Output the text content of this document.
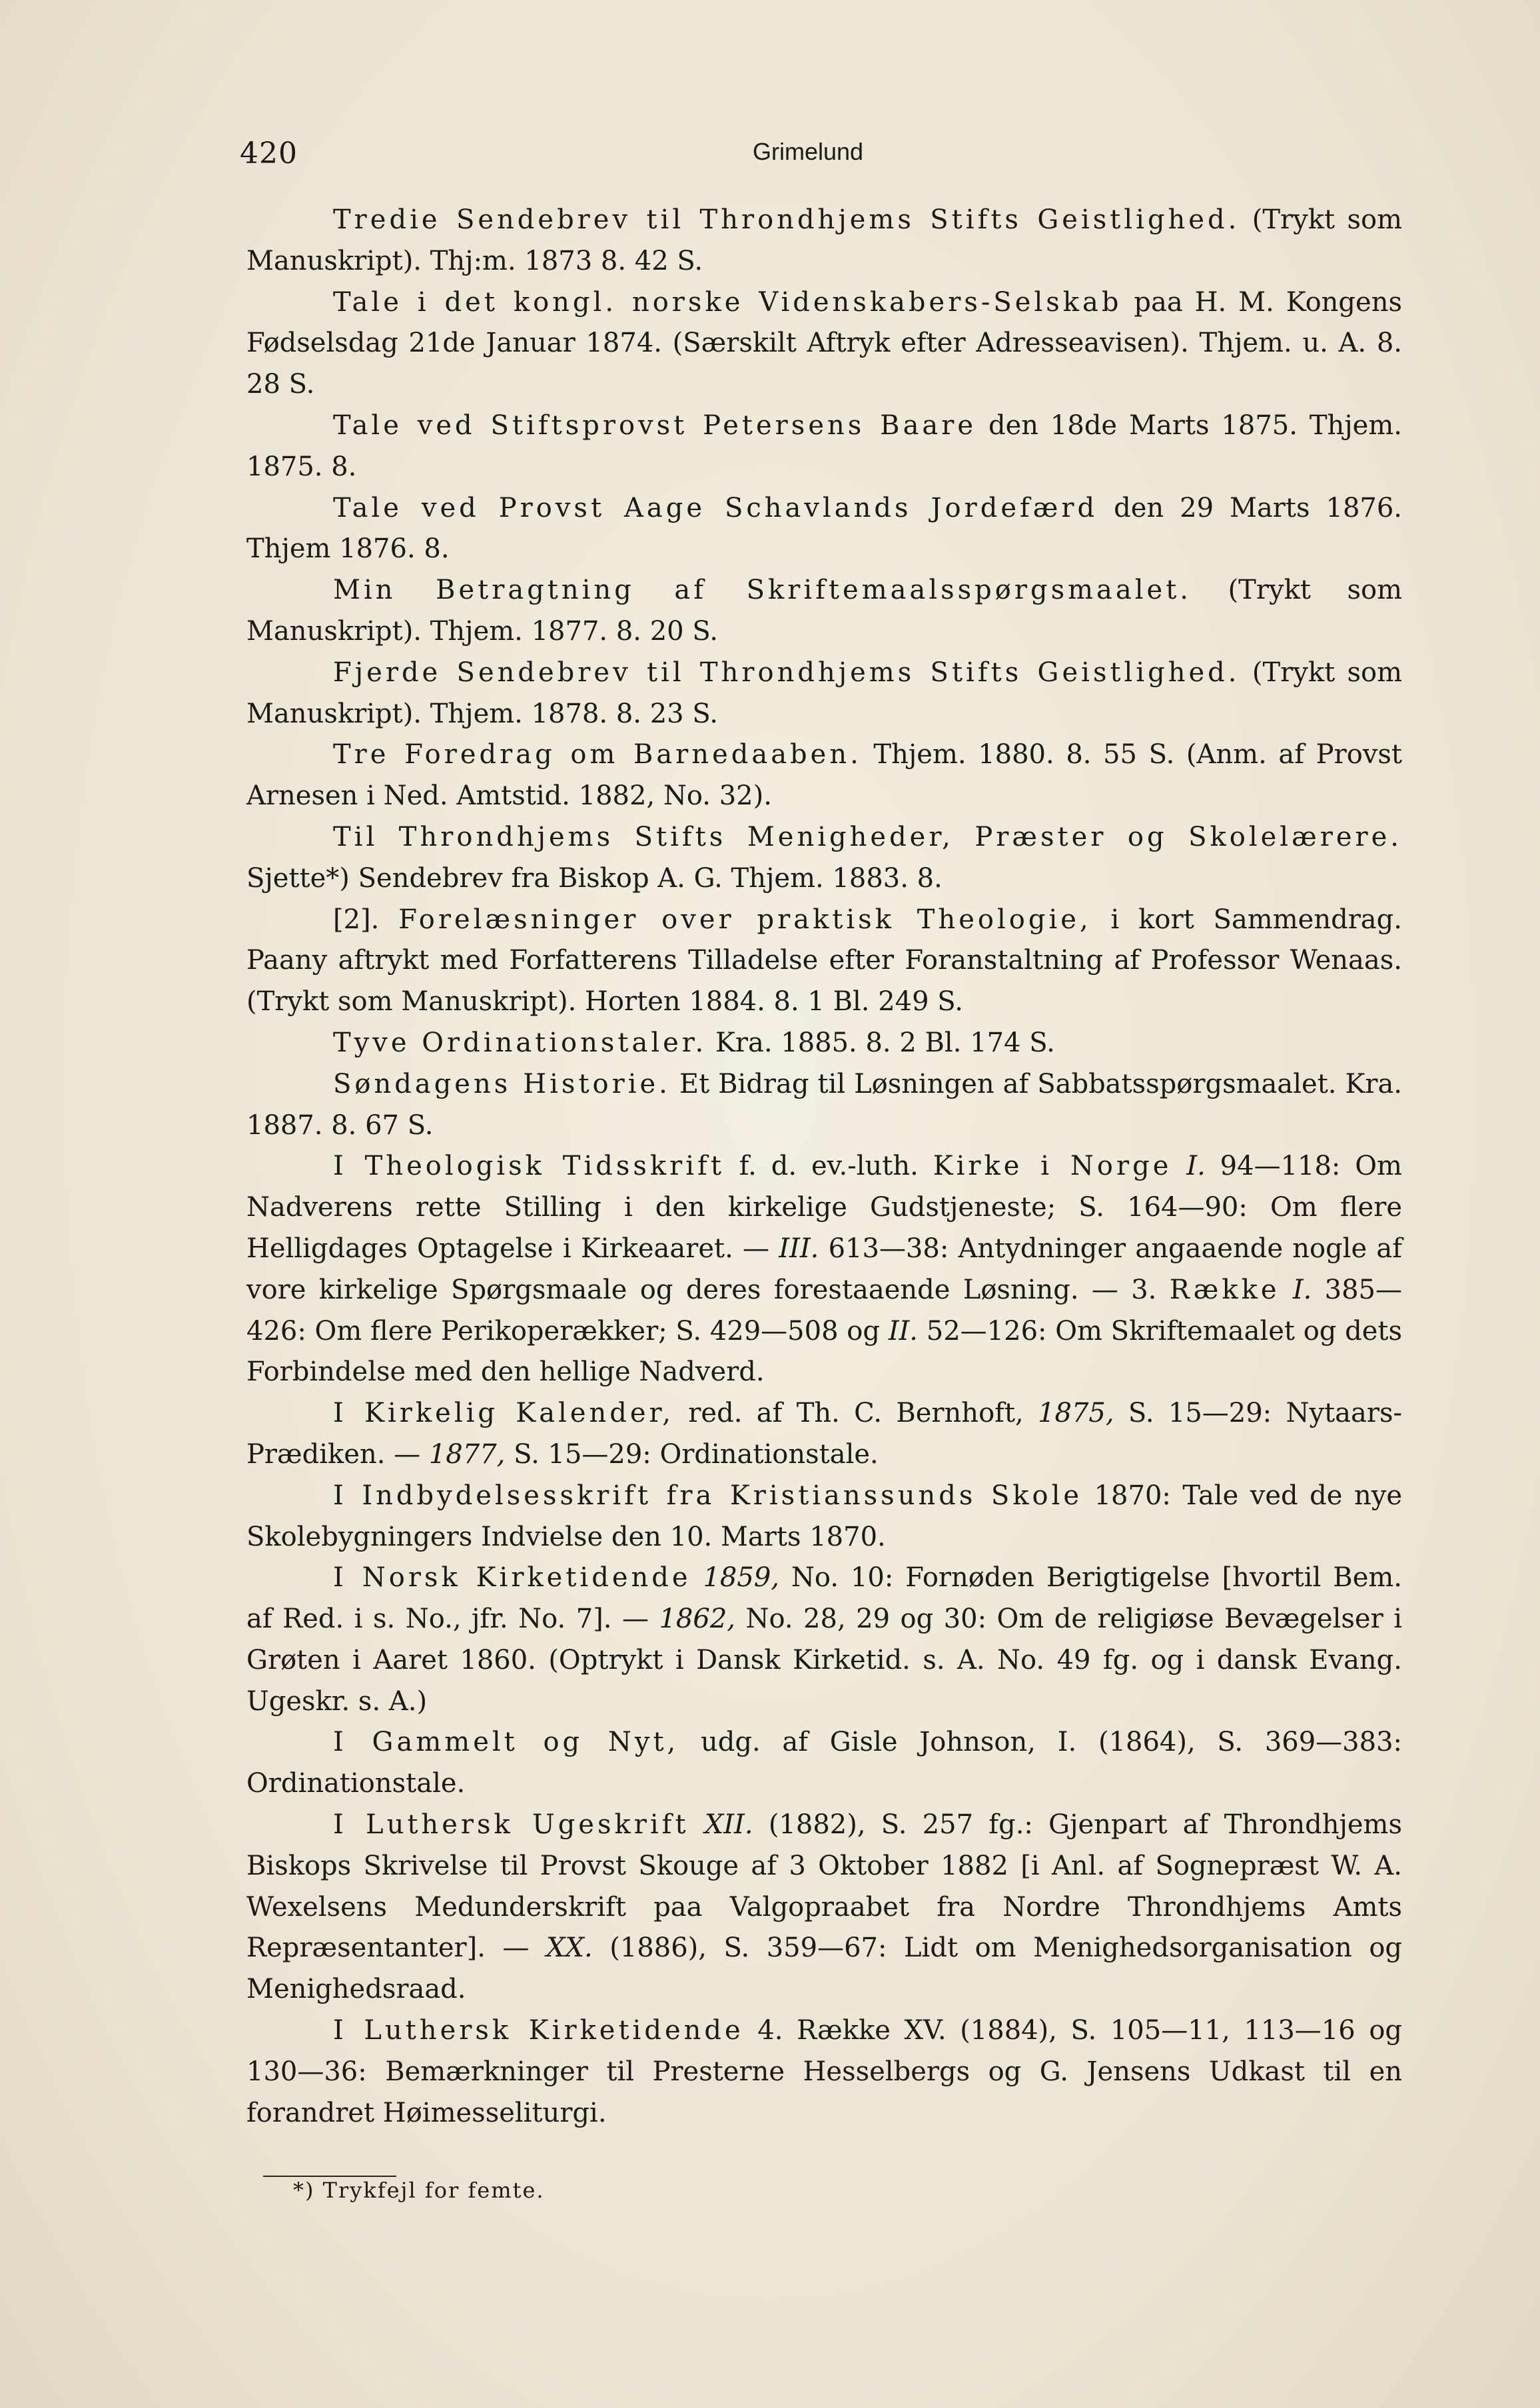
420	Grimelund

Tredie Sendebrev til Throndhjems Stifts Geistlighed. (Trykt som Manuskript). Thj:m. 1873 8. 42 S.

Tale i det kongl. norske Videnskabers-Selskab paa H. M. Kongens Fødselsdag 21de Januar 1874. (Særskilt Aftryk efter Adresseavisen). Thjem. u. A. 8. 28 S.

Tale ved Stiftsprovst Petersens Baare den 18de Marts 1875. Thjem. 1875. 8.

Tale ved Provst Aage Schavlands Jordefærd den 29 Marts 1876. Thjem 1876. 8.

Min Betragtning af Skriftemaalsspørgsmaalet. (Trykt som Manuskript). Thjem. 1877. 8. 20 S.

Fjerde Sendebrev til Throndhjems Stifts Geistlighed. (Trykt som Manuskript). Thjem. 1878. 8. 23 S.

Tre Foredrag om Barnedaaben. Thjem. 1880. 8. 55 S. (Anm. af Provst Arnesen i Ned. Amtstid. 1882, No. 32).

Til Throndhjems Stifts Menigheder, Præster og Skolelærere. Sjette*) Sendebrev fra Biskop A. G. Thjem. 1883. 8.

[2]. Forelæsninger over praktisk Theologie, i kort Sammendrag. Paany aftrykt med Forfatterens Tilladelse efter Foranstaltning af Professor Wenaas. (Trykt som Manuskript). Horten 1884. 8. 1 Bl. 249 S.

Tyve Ordinationstaler. Kra. 1885. 8. 2 Bl. 174 S.

Søndagens Historie. Et Bidrag til Løsningen af Sabbatsspørgsmaalet. Kra. 1887. 8. 67 S.

I Theologisk Tidsskrift f. d. ev.-luth. Kirke i Norge I. 94—118: Om Nadverens rette Stilling i den kirkelige Gudstjeneste; S. 164—90: Om flere Helligdages Optagelse i Kirkeaaret. — III. 613—38: Antydninger angaaende nogle af vore kirkelige Spørgsmaale og deres forestaaende Løsning. — 3. Række I. 385—426: Om flere Perikoperækker; S. 429—508 og II. 52—126: Om Skriftemaalet og dets Forbindelse med den hellige Nadverd.

I Kirkelig Kalender, red. af Th. C. Bernhoft, 1875, S. 15—29: Nytaars-Prædiken. — 1877, S. 15—29: Ordinationstale.

I Indbydelsesskrift fra Kristianssunds Skole 1870: Tale ved de nye Skolebygningers Indvielse den 10. Marts 1870.

I Norsk Kirketidende 1859, No. 10: Fornøden Berigtigelse [hvortil Bem. af Red. i s. No., jfr. No. 7]. — 1862, No. 28, 29 og 30: Om de religiøse Bevægelser i Grøten i Aaret 1860. (Optrykt i Dansk Kirketid. s. A. No. 49 fg. og i dansk Evang. Ugeskr. s. A.)

I Gammelt og Nyt, udg. af Gisle Johnson, I. (1864), S. 369—383: Ordinationstale.

I Luthersk Ugeskrift XII. (1882), S. 257 fg.: Gjenpart af Throndhjems Biskops Skrivelse til Provst Skouge af 3 Oktober 1882 [i Anl. af Sognepræst W. A. Wexelsens Medunderskrift paa Valgopraabet fra Nordre Throndhjems Amts Repræsentanter]. — XX. (1886), S. 359—67: Lidt om Menighedsorganisation og Menighedsraad.

I Luthersk Kirketidende 4. Række XV. (1884), S. 105—11, 113—16 og 130—36: Bemærkninger til Presterne Hesselbergs og G. Jensens Udkast til en forandret Høimesseliturgi.

*) Trykfejl for femte.
